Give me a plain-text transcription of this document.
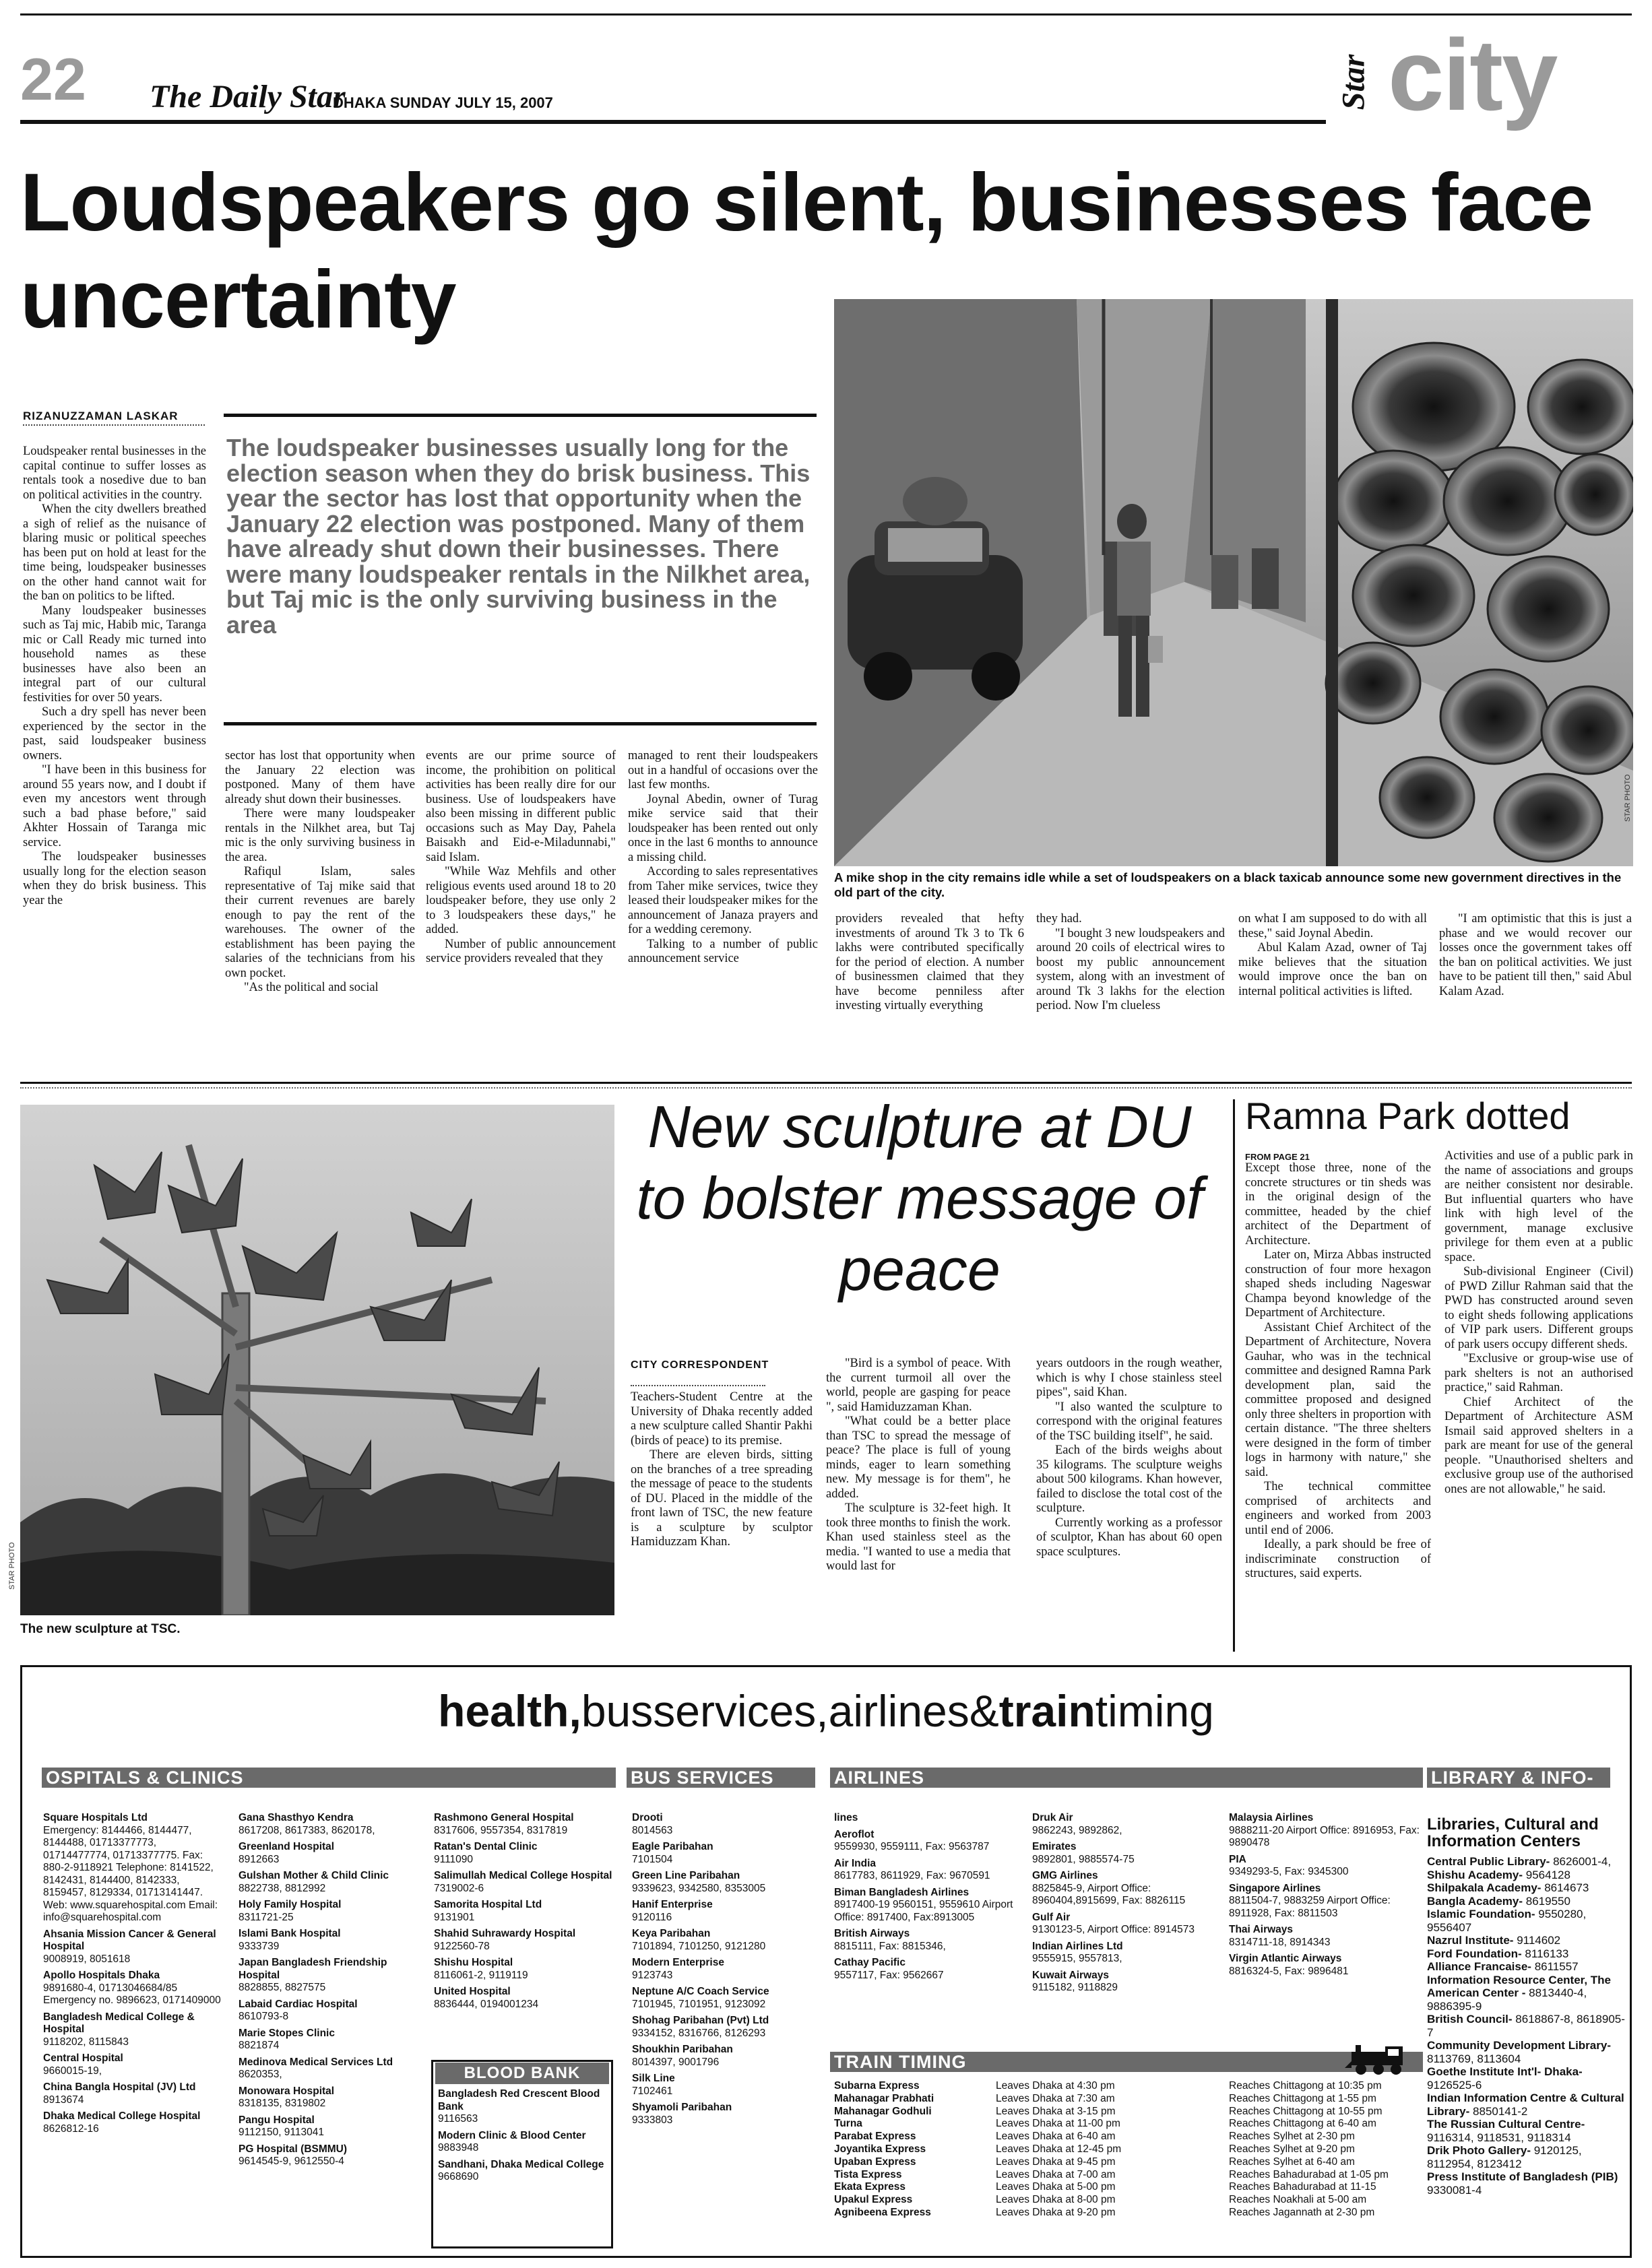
22 The Daily Star
DHAKA SUNDAY JULY 15, 2007	Star city
Loudspeakers go silent, businesses face uncertainty
RIZANUZZAMAN LASKAR

Loudspeaker rental businesses in the capital continue to suffer losses as rentals took a nosedive due to ban on political activities in the country.

When the city dwellers breathed a sigh of relief as the nuisance of blaring music or political speeches has been put on hold at least for the time being, loudspeaker businesses on the other hand cannot wait for the ban on politics to be lifted.

Many loudspeaker businesses such as Taj mic, Habib mic, Taranga mic or Call Ready mic turned into household names as these businesses have also been an integral part of our cultural festivities for over 50 years.

Such a dry spell has never been experienced by the sector in the past, said loudspeaker business owners.

"I have been in this business for around 55 years now, and I doubt if even my ancestors went through such a bad phase before," said Akhter Hossain of Taranga mic service.

The loudspeaker businesses usually long for the election season when they do brisk business. This year the

The loudspeaker businesses usually long for the election season when they do brisk business. This year the sector has lost that opportunity when the January 22 election was postponed. Many of them have already shut down their businesses. There were many loudspeaker rentals in the Nilkhet area, but Taj mic is the only surviving business in the area

sector has lost that opportunity when the January 22 election was postponed. Many of them have already shut down their businesses.

There were many loudspeaker rentals in the Nilkhet area, but Taj mic is the only surviving business in the area.

Rafiqul Islam, sales representative of Taj mike said that their current revenues are barely enough to pay the rent of the warehouses. The owner of the establishment has been paying the salaries of the technicians from his own pocket.

"As the political and social

events are our prime source of income, the prohibition on political activities has been really dire for our business. Use of loudspeakers have also been missing in different public occasions such as May Day, Pahela Baisakh and Eid-e-Miladunnabi," said Islam.

"While Waz Mehfils and other religious events used around 18 to 20 loudspeaker before, they use only 2 to 3 loudspeakers these days," he added.

Number of public announcement service providers revealed that they

managed to rent their loudspeakers out in a handful of occasions over the last few months.

Joynal Abedin, owner of Turag mike service said that their loudspeaker has been rented out only once in the last 6 months to announce a missing child.

According to sales representatives from Taher mike services, twice they leased their loudspeaker mikes for the announcement of Janaza prayers and for a wedding ceremony.

Talking to a number of public announcement service

STAR PHOTO
A mike shop in the city remains idle while a set of loudspeakers on a black taxicab announce some new government directives in the old part of the city.

providers revealed that hefty investments of around Tk 3 to Tk 6 lakhs were contributed specifically for the period of election. A number of businessmen claimed that they have become penniless after investing virtually everything

they had.

"I bought 3 new loudspeakers and around 20 coils of electrical wires to boost my public announcement system, along with an investment of around Tk 3 lakhs for the election period. Now I'm clueless

on what I am supposed to do with all these," said Joynal Abedin.

Abul Kalam Azad, owner of Taj mike believes that the situation would improve once the ban on internal political activities is lifted.

"I am optimistic that this is just a phase and we would recover our losses once the government takes off the ban on political activities. We just have to be patient till then," said Abul Kalam Azad.

STAR PHOTO
The new sculpture at TSC.
New sculpture at DU to bolster message of peace
CITY CORRESPONDENT

Teachers-Student Centre at the University of Dhaka recently added a new sculpture called Shantir Pakhi (birds of peace) to its premise.

There are eleven birds, sitting on the branches of a tree spreading the message of peace to the students of DU. Placed in the middle of the front lawn of TSC, the new feature is a sculpture by sculptor Hamiduzzam Khan.

"Bird is a symbol of peace. With the current turmoil all over the world, people are gasping for peace ", said Hamiduzzaman Khan.

"What could be a better place than TSC to spread the message of peace? The place is full of young minds, eager to learn something new. My message is for them", he added.

The sculpture is 32-feet high. It took three months to finish the work. Khan used stainless steel as the media. "I wanted to use a media that would last for

years outdoors in the rough weather, which is why I chose stainless steel pipes", said Khan.

"I also wanted the sculpture to correspond with the original features of the TSC building itself", he said.

Each of the birds weighs about 35 kilograms. The sculpture weighs about 500 kilograms. Khan however, failed to disclose the total cost of the sculpture.

Currently working as a professor of sculptor, Khan has about 60 open space sculptures.

Ramna Park dotted
FROM PAGE 21

Except those three, none of the concrete structures or tin sheds was in the original design of the committee, headed by the chief architect of the Department of Architecture.

Later on, Mirza Abbas instructed construction of four more hexagon shaped sheds including Nageswar Champa beyond knowledge of the Department of Architecture.

Assistant Chief Architect of the Department of Architecture, Novera Gauhar, who was in the technical committee and designed Ramna Park development plan, said the committee proposed and designed only three shelters in proportion with certain distance. "The three shelters were designed in the form of timber logs in harmony with nature," she said.

The technical committee comprised of architects and engineers and worked from 2003 until end of 2006.

Ideally, a park should be free of indiscriminate construction of structures, said experts.

Activities and use of a public park in the name of associations and groups are neither consistent nor desirable. But influential quarters who have link with high level of the government, manage exclusive privilege for them even at a public space.

Sub-divisional Engineer (Civil) of PWD Zillur Rahman said that the PWD has constructed around seven to eight sheds following applications of VIP park users. Different groups of park users occupy different sheds.

"Exclusive or group-wise use of park shelters is not an authorised practice," said Rahman.

Chief Architect of the Department of Architecture ASM Ismail said approved shelters in a park are meant for use of the general people. "Unauthorised shelters and exclusive group use of the authorised ones are not allowable," he said.

health,busservices,airlines&traintiming
OSPITALS & CLINICS	BUS SERVICES	AIRLINES	LIBRARY & INFO-
Square Hospitals Ltd
Emergency: 8144466, 8144477, 8144488, 01713377773, 01714477774, 01713377775. Fax: 880-2-9118921 Telephone: 8141522, 8142431, 8144400, 8142333, 8159457, 8129334, 01713141447. Web: www.squarehospital.com Email: info@squarehospital.com
Ahsania Mission Cancer & General Hospital
9008919, 8051618
Apollo Hospitals Dhaka
9891680-4, 01713046684/85 Emergency no. 9896623, 0171409000
Bangladesh Medical College & Hospital
9118202, 8115843
Central Hospital
9660015-19,
China Bangla Hospital (JV) Ltd
8913674
Dhaka Medical College Hospital
8626812-16
Gana Shasthyo Kendra
8617208, 8617383, 8620178,
Greenland Hospital
8912663
Gulshan Mother & Child Clinic
8822738, 8812992
Holy Family Hospital
8311721-25
Islami Bank Hospital
9333739
Japan Bangladesh Friendship Hospital
8828855, 8827575
Labaid Cardiac Hospital
8610793-8
Marie Stopes Clinic
8821874
Medinova Medical Services Ltd
8620353,
Monowara Hospital
8318135, 8319802
Pangu Hospital
9112150, 9113041
PG Hospital (BSMMU)
9614545-9, 9612550-4
Rashmono General Hospital
8317606, 9557354, 8317819
Ratan's Dental Clinic
9111090
Salimullah Medical College Hospital
7319002-6
Samorita Hospital Ltd
9131901
Shahid Suhrawardy Hospital
9122560-78
Shishu Hospital
8116061-2, 9119119
United Hospital
8836444, 0194001234
BLOOD BANK
Bangladesh Red Crescent Blood Bank
9116563
Modern Clinic & Blood Center
9883948
Sandhani, Dhaka Medical College
9668690
Drooti
8014563
Eagle Paribahan
7101504
Green Line Paribahan
9339623, 9342580, 8353005
Hanif Enterprise
9120116
Keya Paribahan
7101894, 7101250, 9121280
Modern Enterprise
9123743
Neptune A/C Coach Service
7101945, 7101951, 9123092
Shohag Paribahan (Pvt) Ltd
9334152, 8316766, 8126293
Shoukhin Paribahan
8014397, 9001796
Silk Line
7102461
Shyamoli Paribahan
9333803
lines
Aeroflot
9559930, 9559111, Fax: 9563787
Air India
8617783, 8611929, Fax: 9670591
Biman Bangladesh Airlines
8917400-19 9560151, 9559610 Airport Office: 8917400, Fax:8913005
British Airways
8815111, Fax: 8815346,
Cathay Pacific
9557117, Fax: 9562667
Druk Air
9862243, 9892862,
Emirates
9892801, 9885574-75
GMG Airlines
8825845-9, Airport Office: 8960404,8915699, Fax: 8826115
Gulf Air
9130123-5, Airport Office: 8914573
Indian Airlines Ltd
9555915, 9557813,
Kuwait Airways
9115182, 9118829
Malaysia Airlines
9888211-20 Airport Office: 8916953, Fax: 9890478
PIA
9349293-5, Fax: 9345300
Singapore Airlines
8811504-7, 9883259 Airport Office: 8911928, Fax: 8811503
Thai Airways
8314711-18, 8914343
Virgin Atlantic Airways
8816324-5, Fax: 9896481
TRAIN TIMING
Subarna Express	Leaves Dhaka at 4:30 pm	Reaches Chittagong at 10:35 pm
Mahanagar Prabhati	Leaves Dhaka at 7:30 am	Reaches Chittagong at 1-55 pm
Mahanagar Godhuli	Leaves Dhaka at 3-15 pm	Reaches Chittagong at 10-55 pm
Turna	Leaves Dhaka at 11-00 pm	Reaches Chittagong at 6-40 am
Parabat Express	Leaves Dhaka at 6-40 am	Reaches Sylhet at 2-30 pm
Joyantika Express	Leaves Dhaka at 12-45 pm	Reaches Sylhet at 9-20 pm
Upaban Express	Leaves Dhaka at 9-45 pm	Reaches Sylhet at 6-40 am
Tista Express	Leaves Dhaka at 7-00 am	Reaches Bahadurabad at 1-05 pm
Ekata Express	Leaves Dhaka at 5-00 pm	Reaches Bahadurabad at 11-15
Upakul Express	Leaves Dhaka at 8-00 pm	Reaches Noakhali at 5-00 am
Agnibeena Express	Leaves Dhaka at 9-20 pm	Reaches Jagannath at 2-30 pm
Libraries, Cultural and Information Centers
Central Public Library- 8626001-4,
Shishu Academy- 9564128
Shilpakala Academy- 8614673
Bangla Academy- 8619550
Islamic Foundation- 9550280, 9556407
Nazrul Institute- 9114602
Ford Foundation- 8116133
Alliance Francaise- 8611557
Information Resource Center, The American Center - 8813440-4, 9886395-9
British Council- 8618867-8, 8618905-7
Community Development Library- 8113769, 8113604
Goethe Institute Int'l- Dhaka- 9126525-6
Indian Information Centre & Cultural Library- 8850141-2
The Russian Cultural Centre- 9116314, 9118531, 9118314
Drik Photo Gallery- 9120125, 8112954, 8123412
Press Institute of Bangladesh (PIB) 9330081-4
